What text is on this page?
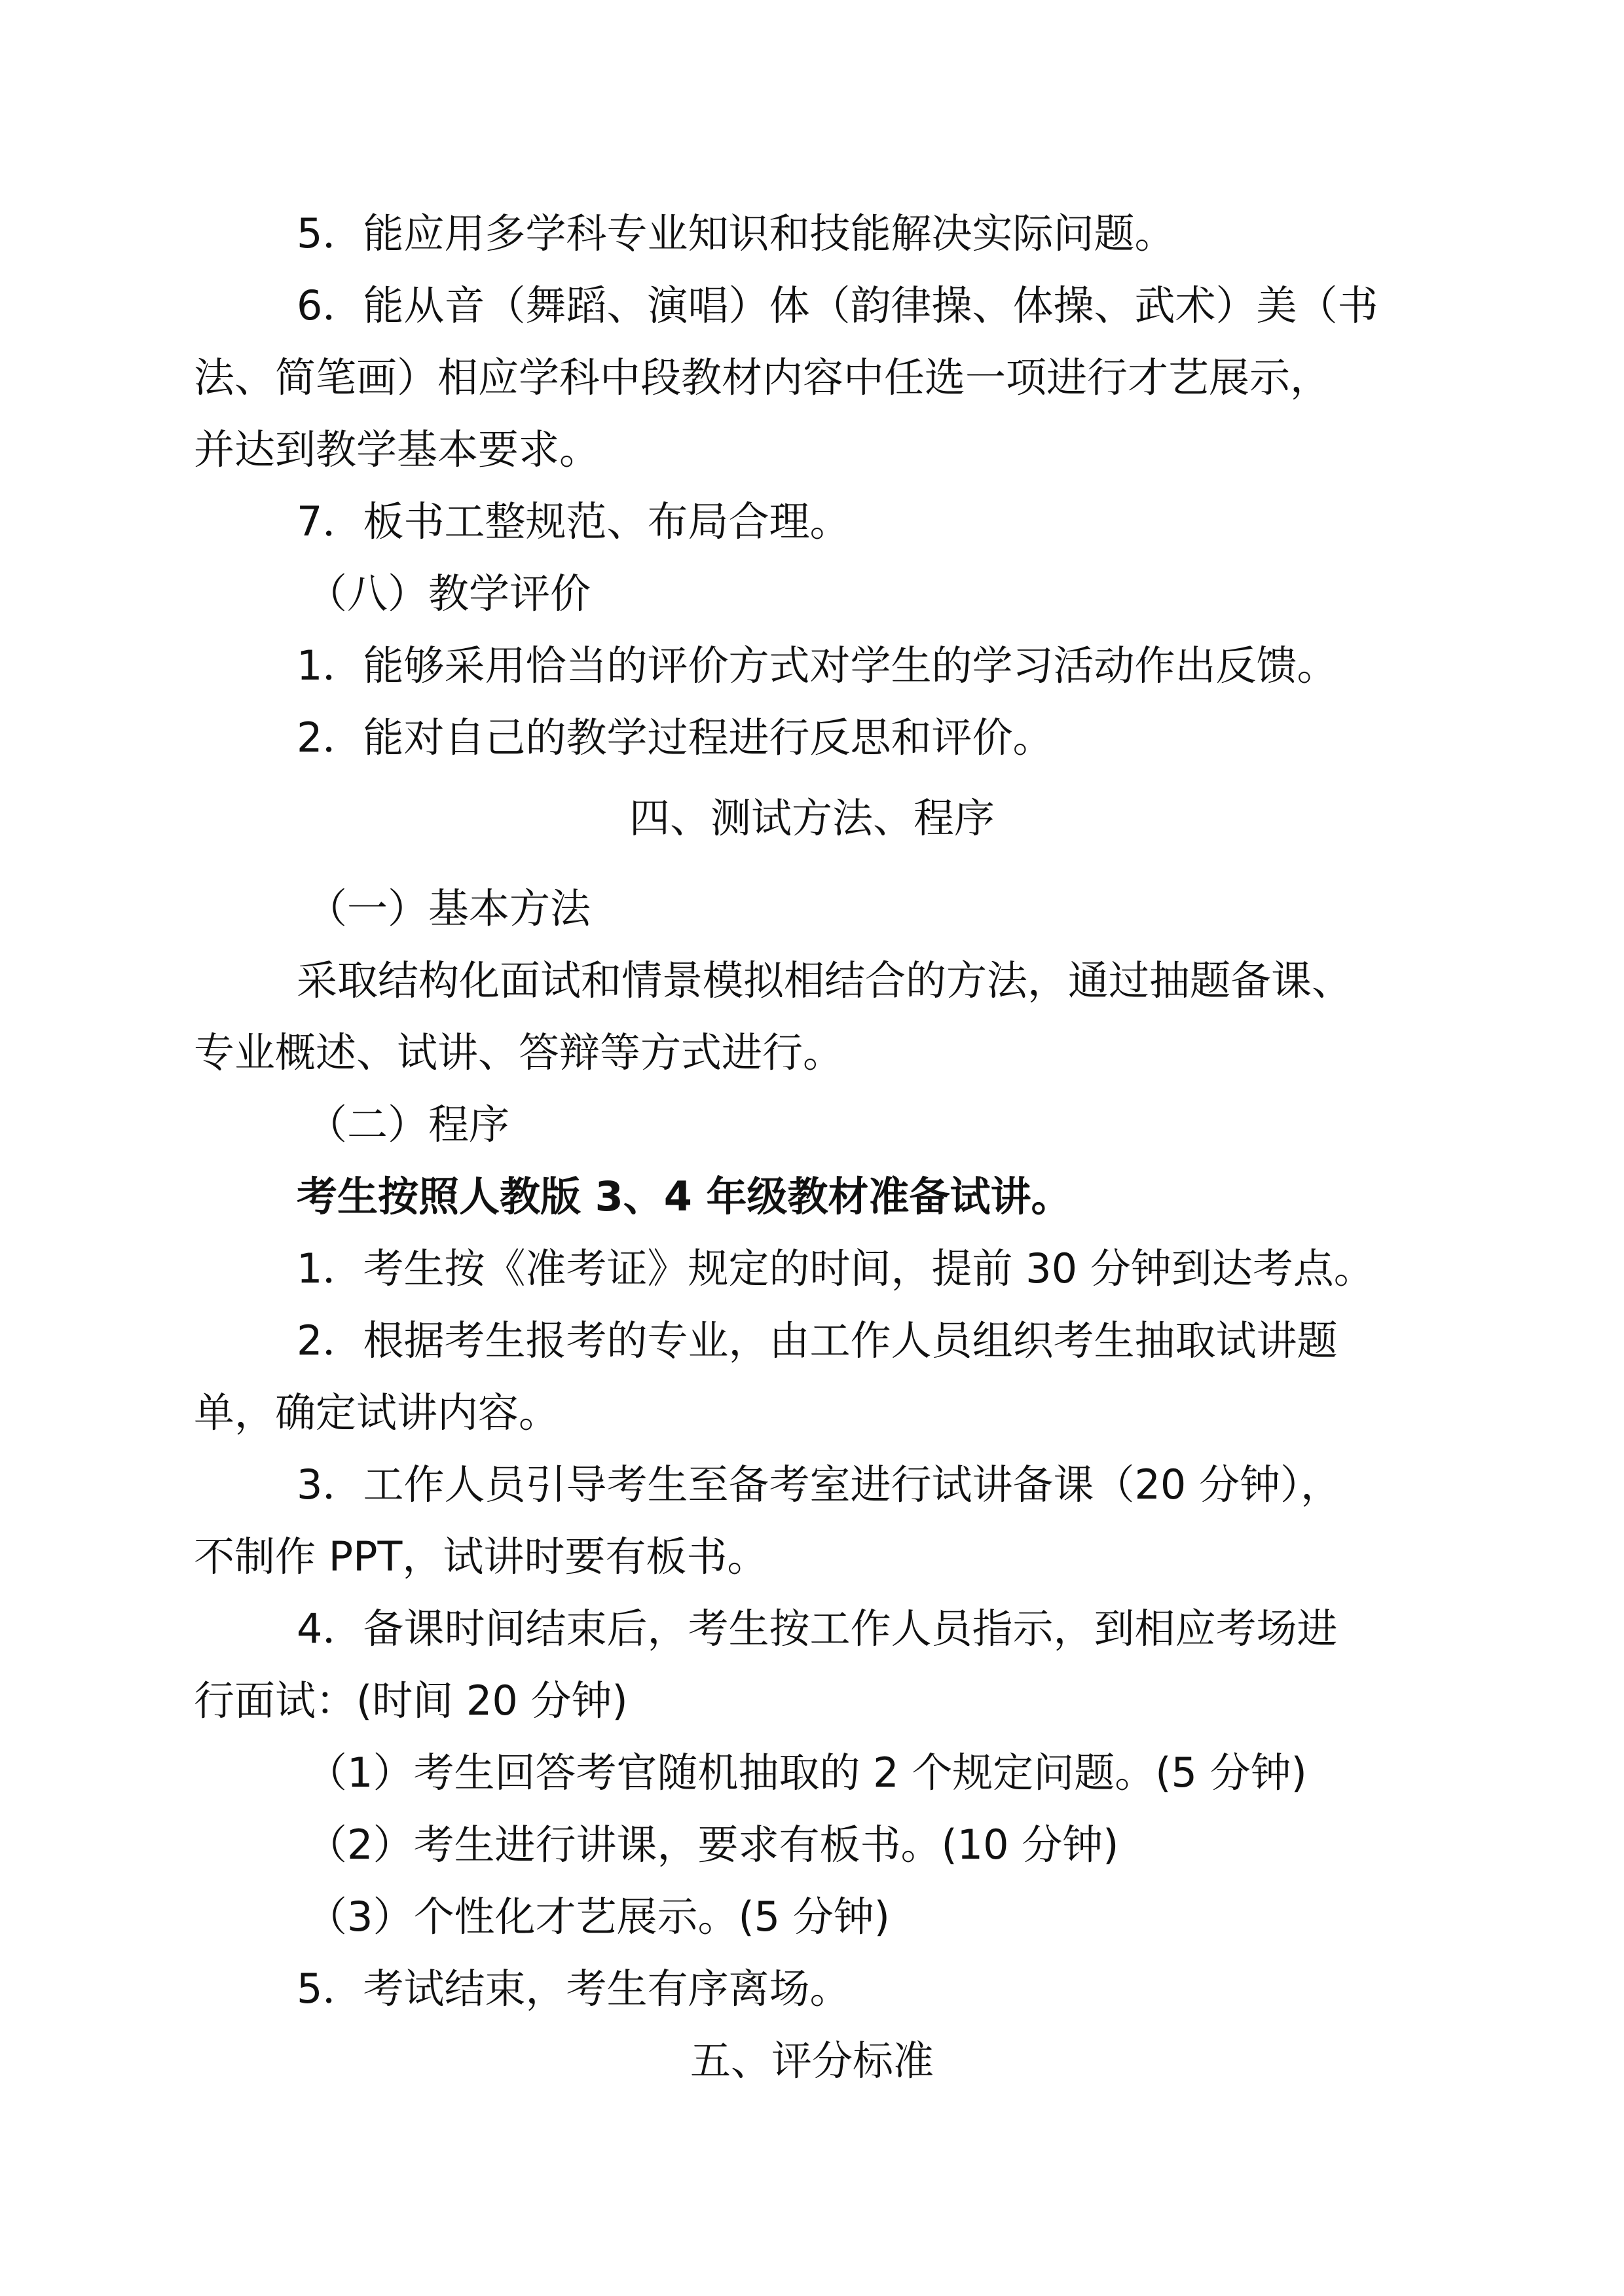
5．能应用多学科专业知识和技能解决实际问题。
6．能从音（舞蹈、演唱）体（韵律操、体操、武术）美（书
法、简笔画）相应学科中段教材内容中任选一项进行才艺展示，
并达到教学基本要求。
7．板书工整规范、布局合理。
（八）教学评价
1．能够采用恰当的评价方式对学生的学习活动作出反馈。
2．能对自己的教学过程进行反思和评价。
四、测试方法、程序
（一）基本方法
采取结构化面试和情景模拟相结合的方法，通过抽题备课、
专业概述、试讲、答辩等方式进行。
（二）程序
考生按照人教版 3、4 年级教材准备试讲。
1．考生按《准考证》规定的时间，提前 30 分钟到达考点。
2．根据考生报考的专业，由工作人员组织考生抽取试讲题
单，确定试讲内容。
3．工作人员引导考生至备考室进行试讲备课（20 分钟），
不制作 PPT，试讲时要有板书。
4．备课时间结束后，考生按工作人员指示，到相应考场进
行面试：(时间 20 分钟)
（1）考生回答考官随机抽取的 2 个规定问题。(5 分钟)
（2）考生进行讲课，要求有板书。(10 分钟)
（3）个性化才艺展示。(5 分钟)
5．考试结束，考生有序离场。
五、评分标准
